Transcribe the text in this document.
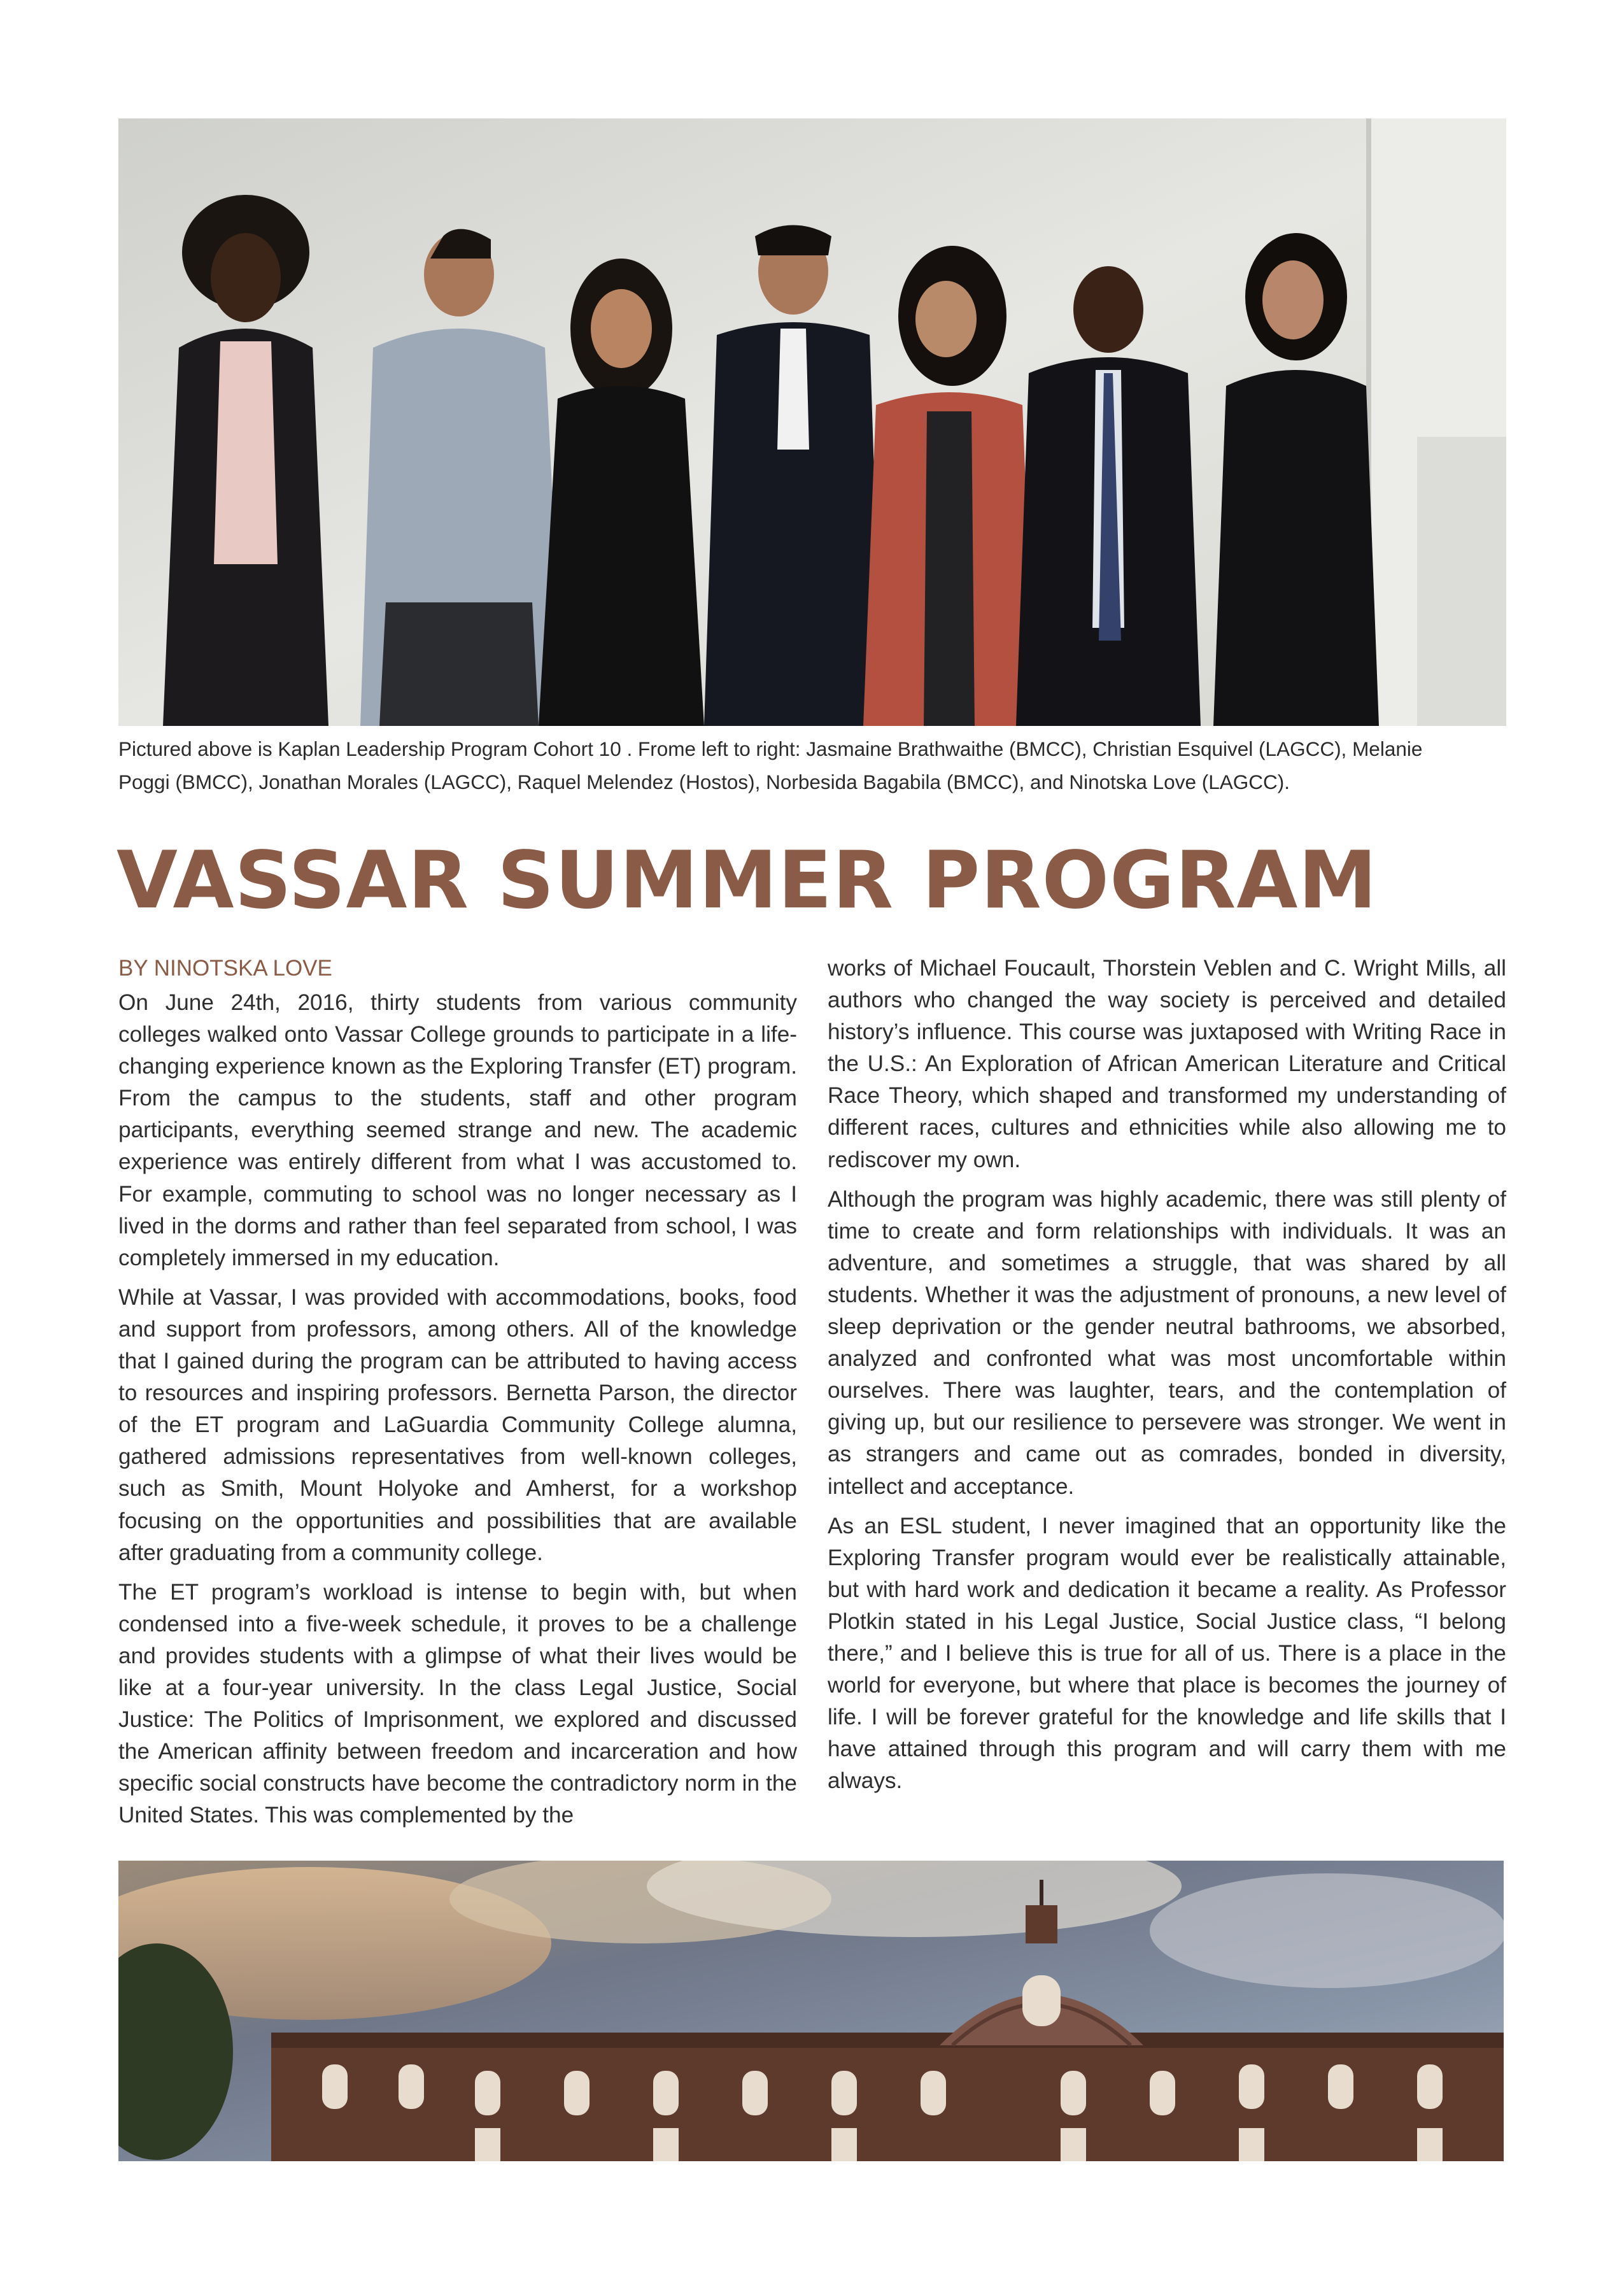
Pictured above is Kaplan Leadership Program Cohort 10 . Frome left to right: Jasmaine Brathwaithe (BMCC), Christian Esquivel (LAGCC), Melanie
Poggi (BMCC), Jonathan Morales (LAGCC), Raquel Melendez (Hostos), Norbesida Bagabila (BMCC), and Ninotska Love (LAGCC).
VASSAR SUMMER PROGRAM

BY NINOTSKA LOVE

On June 24th, 2016, thirty students from various community colleges walked onto Vassar College grounds to participate in a life-changing experience known as the Exploring Transfer (ET) program. From the campus to the students, staff and other program participants, everything seemed strange and new. The academic experience was entirely different from what I was accustomed to. For example, commuting to school was no longer necessary as I lived in the dorms and rather than feel separated from school, I was completely immersed in my education.

While at Vassar, I was provided with accommodations, books, food and support from professors, among others. All of the knowledge that I gained during the program can be attributed to having access to resources and inspiring professors. Bernetta Parson, the director of the ET program and LaGuardia Community College alumna, gathered admissions representatives from well-known colleges, such as Smith, Mount Holyoke and Amherst, for a workshop focusing on the opportunities and possibilities that are available after graduating from a community college.

The ET program’s workload is intense to begin with, but when condensed into a five-week schedule, it proves to be a challenge and provides students with a glimpse of what their lives would be like at a four-year university. In the class Legal Justice, Social Justice: The Politics of Imprisonment, we explored and discussed the American affinity between freedom and incarceration and how specific social constructs have become the contradictory norm in the United States. This was complemented by the

works of Michael Foucault, Thorstein Veblen and C. Wright Mills, all authors who changed the way society is perceived and detailed history’s influence. This course was juxtaposed with Writing Race in the U.S.: An Exploration of African American Literature and Critical Race Theory, which shaped and transformed my understanding of different races, cultures and ethnicities while also allowing me to rediscover my own.

Although the program was highly academic, there was still plenty of time to create and form relationships with individuals. It was an adventure, and sometimes a struggle, that was shared by all students. Whether it was the adjustment of pronouns, a new level of sleep deprivation or the gender neutral bathrooms, we absorbed, analyzed and confronted what was most uncomfortable within ourselves. There was laughter, tears, and the contemplation of giving up, but our resilience to persevere was stronger. We went in as strangers and came out as comrades, bonded in diversity, intellect and acceptance.

As an ESL student, I never imagined that an opportunity like the Exploring Transfer program would ever be realistically attainable, but with hard work and dedication it became a reality. As Professor Plotkin stated in his Legal Justice, Social Justice class, “I belong there,” and I believe this is true for all of us. There is a place in the world for everyone, but where that place is becomes the journey of life. I will be forever grateful for the knowledge and life skills that I have attained through this program and will carry them with me always.
